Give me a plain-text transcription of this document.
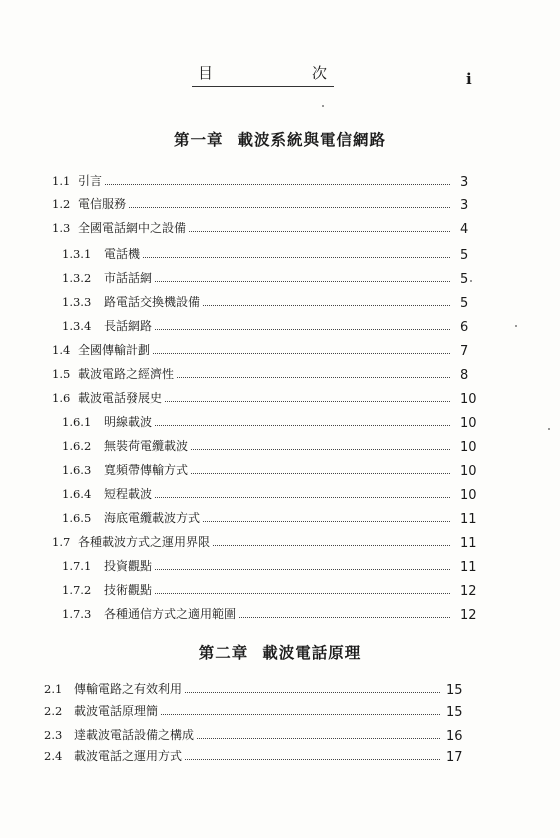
目	次	i
第一章 載波系統與電信網路
1.1 引言	3
1.2 電信服務	3
1.3 全國電話網中之設備	4
1.3.1 電話機	5
1.3.2 市話話網	5
1.3.3 路電話交換機設備	5
1.3.4 長話網路	6
1.4 全國傳輸計劃	7
1.5 載波電路之經濟性	8
1.6 載波電話發展史	10
1.6.1 明線載波	10
1.6.2 無裝荷電纜載波	10
1.6.3 寬頻帶傳輸方式	10
1.6.4 短程載波	10
1.6.5 海底電纜載波方式	11
1.7 各種載波方式之運用界限	11
1.7.1 投資觀點	11
1.7.2 技術觀點	12
1.7.3 各種通信方式之適用範圍	12
第二章 載波電話原理
2.1 傳輸電路之有效利用	15
2.2 載波電話原理簡	15
2.3 達載波電話設備之構成	16
2.4 載波電話之運用方式	17
